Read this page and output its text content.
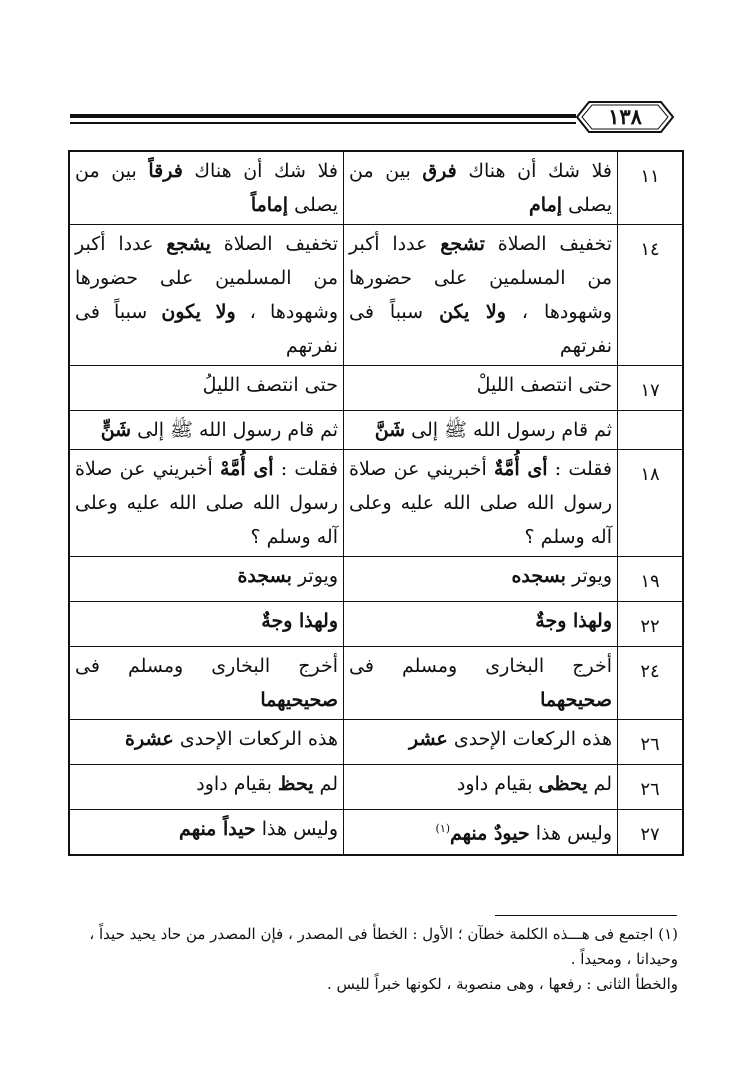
١٣٨
١١	فلا شك أن هناك فرق بين من يصلى إمام	فلا شك أن هناك فرقاً بين من يصلى إماماً
١٤	تخفيف الصلاة تشجع عددا أكبر من المسلمين على حضورها وشهودها ، ولا يكن سبباً فى نفرتهم	تخفيف الصلاة يشجع عددا أكبر من المسلمين على حضورها وشهودها ، ولا يكون سبباً فى نفرتهم
١٧	حتى انتصف الليلْ	حتى انتصف الليلُ
	ثم قام رسول الله ﷺ إلى شَنَّ	ثم قام رسول الله ﷺ إلى شَنٍّ
١٨	فقلت : أى أُمَّةٌ أخبريني عن صلاة رسول الله صلى الله عليه وعلى آله وسلم ؟	فقلت : أى أُمَّهْ أخبريني عن صلاة رسول الله صلى الله عليه وعلى آله وسلم ؟
١٩	ويوتر بسجده	ويوتر بسجدة
٢٢	ولهذا وجةٌ	ولهذا وجةٌ
٢٤	أخرج البخارى ومسلم فى صحيحهما	أخرج البخارى ومسلم فى صحيحيهما
٢٦	هذه الركعات الإحدى عشر	هذه الركعات الإحدى عشرة
٢٦	لم يحظى بقيام داود	لم يحظ بقيام داود
٢٧	وليس هذا حيودٌ منهم$^{(١)}$	وليس هذا حيداً منهم

(١) اجتمع فى هـــذه الكلمة خطآن ؛ الأول : الخطأ فى المصدر ، فإن المصدر من حاد يحيد حيداً ، وحيدانا ، ومحيداً .

والخطأ الثانى : رفعها ، وهى منصوبة ، لكونها خبراً لليس .
